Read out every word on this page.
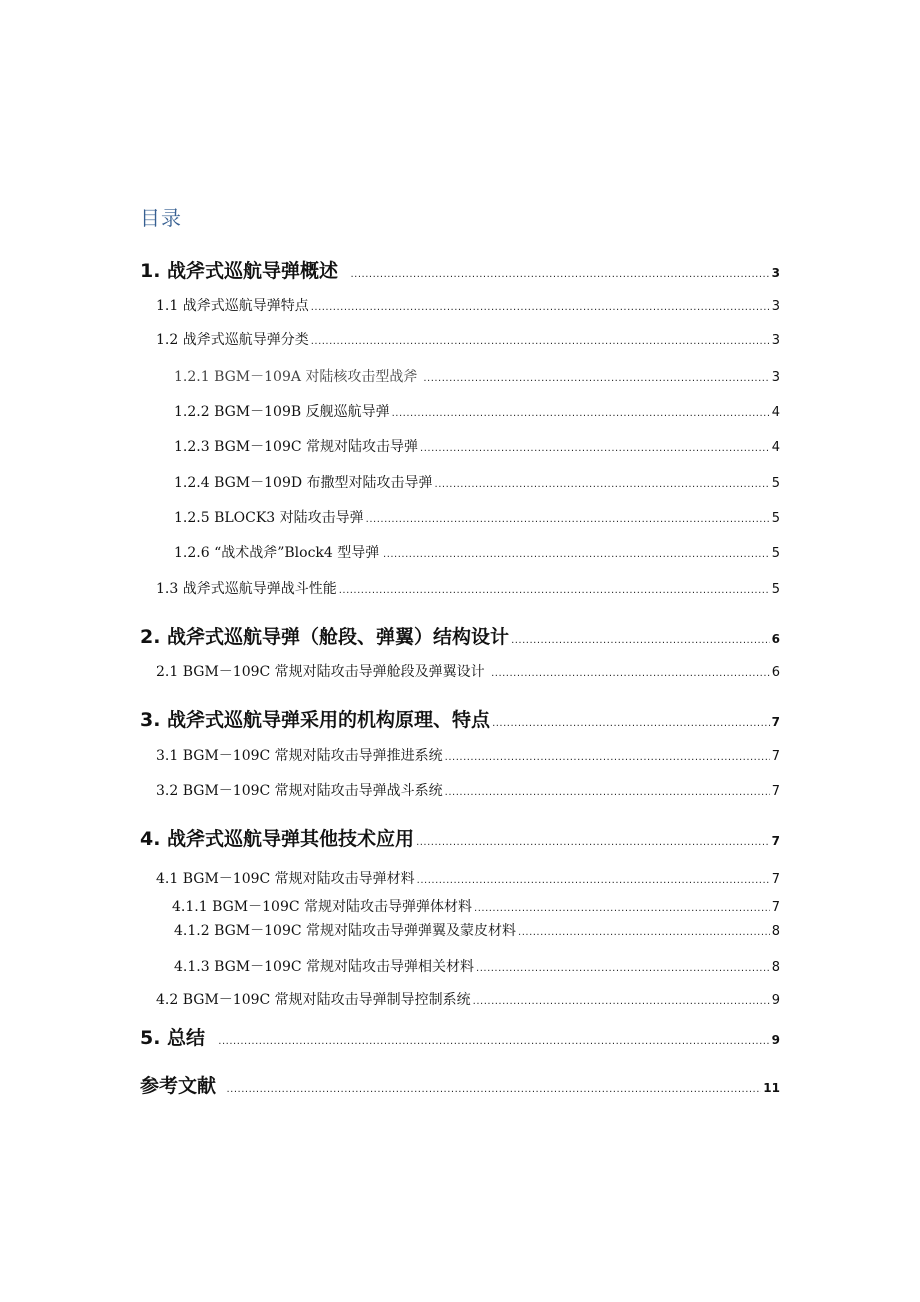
目录
1. 战斧式巡航导弹概述 .....	3
1.1 战斧式巡航导弹特点 .....	3
1.2 战斧式巡航导弹分类 .....	3
1.2.1 BGM－109A 对陆核攻击型战斧 .....	3
1.2.2 BGM－109B 反舰巡航导弹 .....	4
1.2.3 BGM－109C 常规对陆攻击导弹 .....	4
1.2.4 BGM－109D 布撒型对陆攻击导弹 .....	5
1.2.5 BLOCK3 对陆攻击导弹 .....	5
1.2.6 “战术战斧”Block4 型导弹 .....	5
1.3 战斧式巡航导弹战斗性能 .....	5
2. 战斧式巡航导弹（舱段、弹翼）结构设计 .....	6
2.1 BGM－109C 常规对陆攻击导弹舱段及弹翼设计 .....	6
3. 战斧式巡航导弹采用的机构原理、特点 .....	7
3.1 BGM－109C 常规对陆攻击导弹推进系统 .....	7
3.2 BGM－109C 常规对陆攻击导弹战斗系统 .....	7
4. 战斧式巡航导弹其他技术应用 .....	7
4.1 BGM－109C 常规对陆攻击导弹材料 .....	7
4.1.1 BGM－109C 常规对陆攻击导弹弹体材料 .....	7
4.1.2 BGM－109C 常规对陆攻击导弹弹翼及蒙皮材料 .....	8
4.1.3 BGM－109C 常规对陆攻击导弹相关材料 .....	8
4.2 BGM－109C 常规对陆攻击导弹制导控制系统 .....	9
5. 总结 .....	9
参考文献 .....	11
